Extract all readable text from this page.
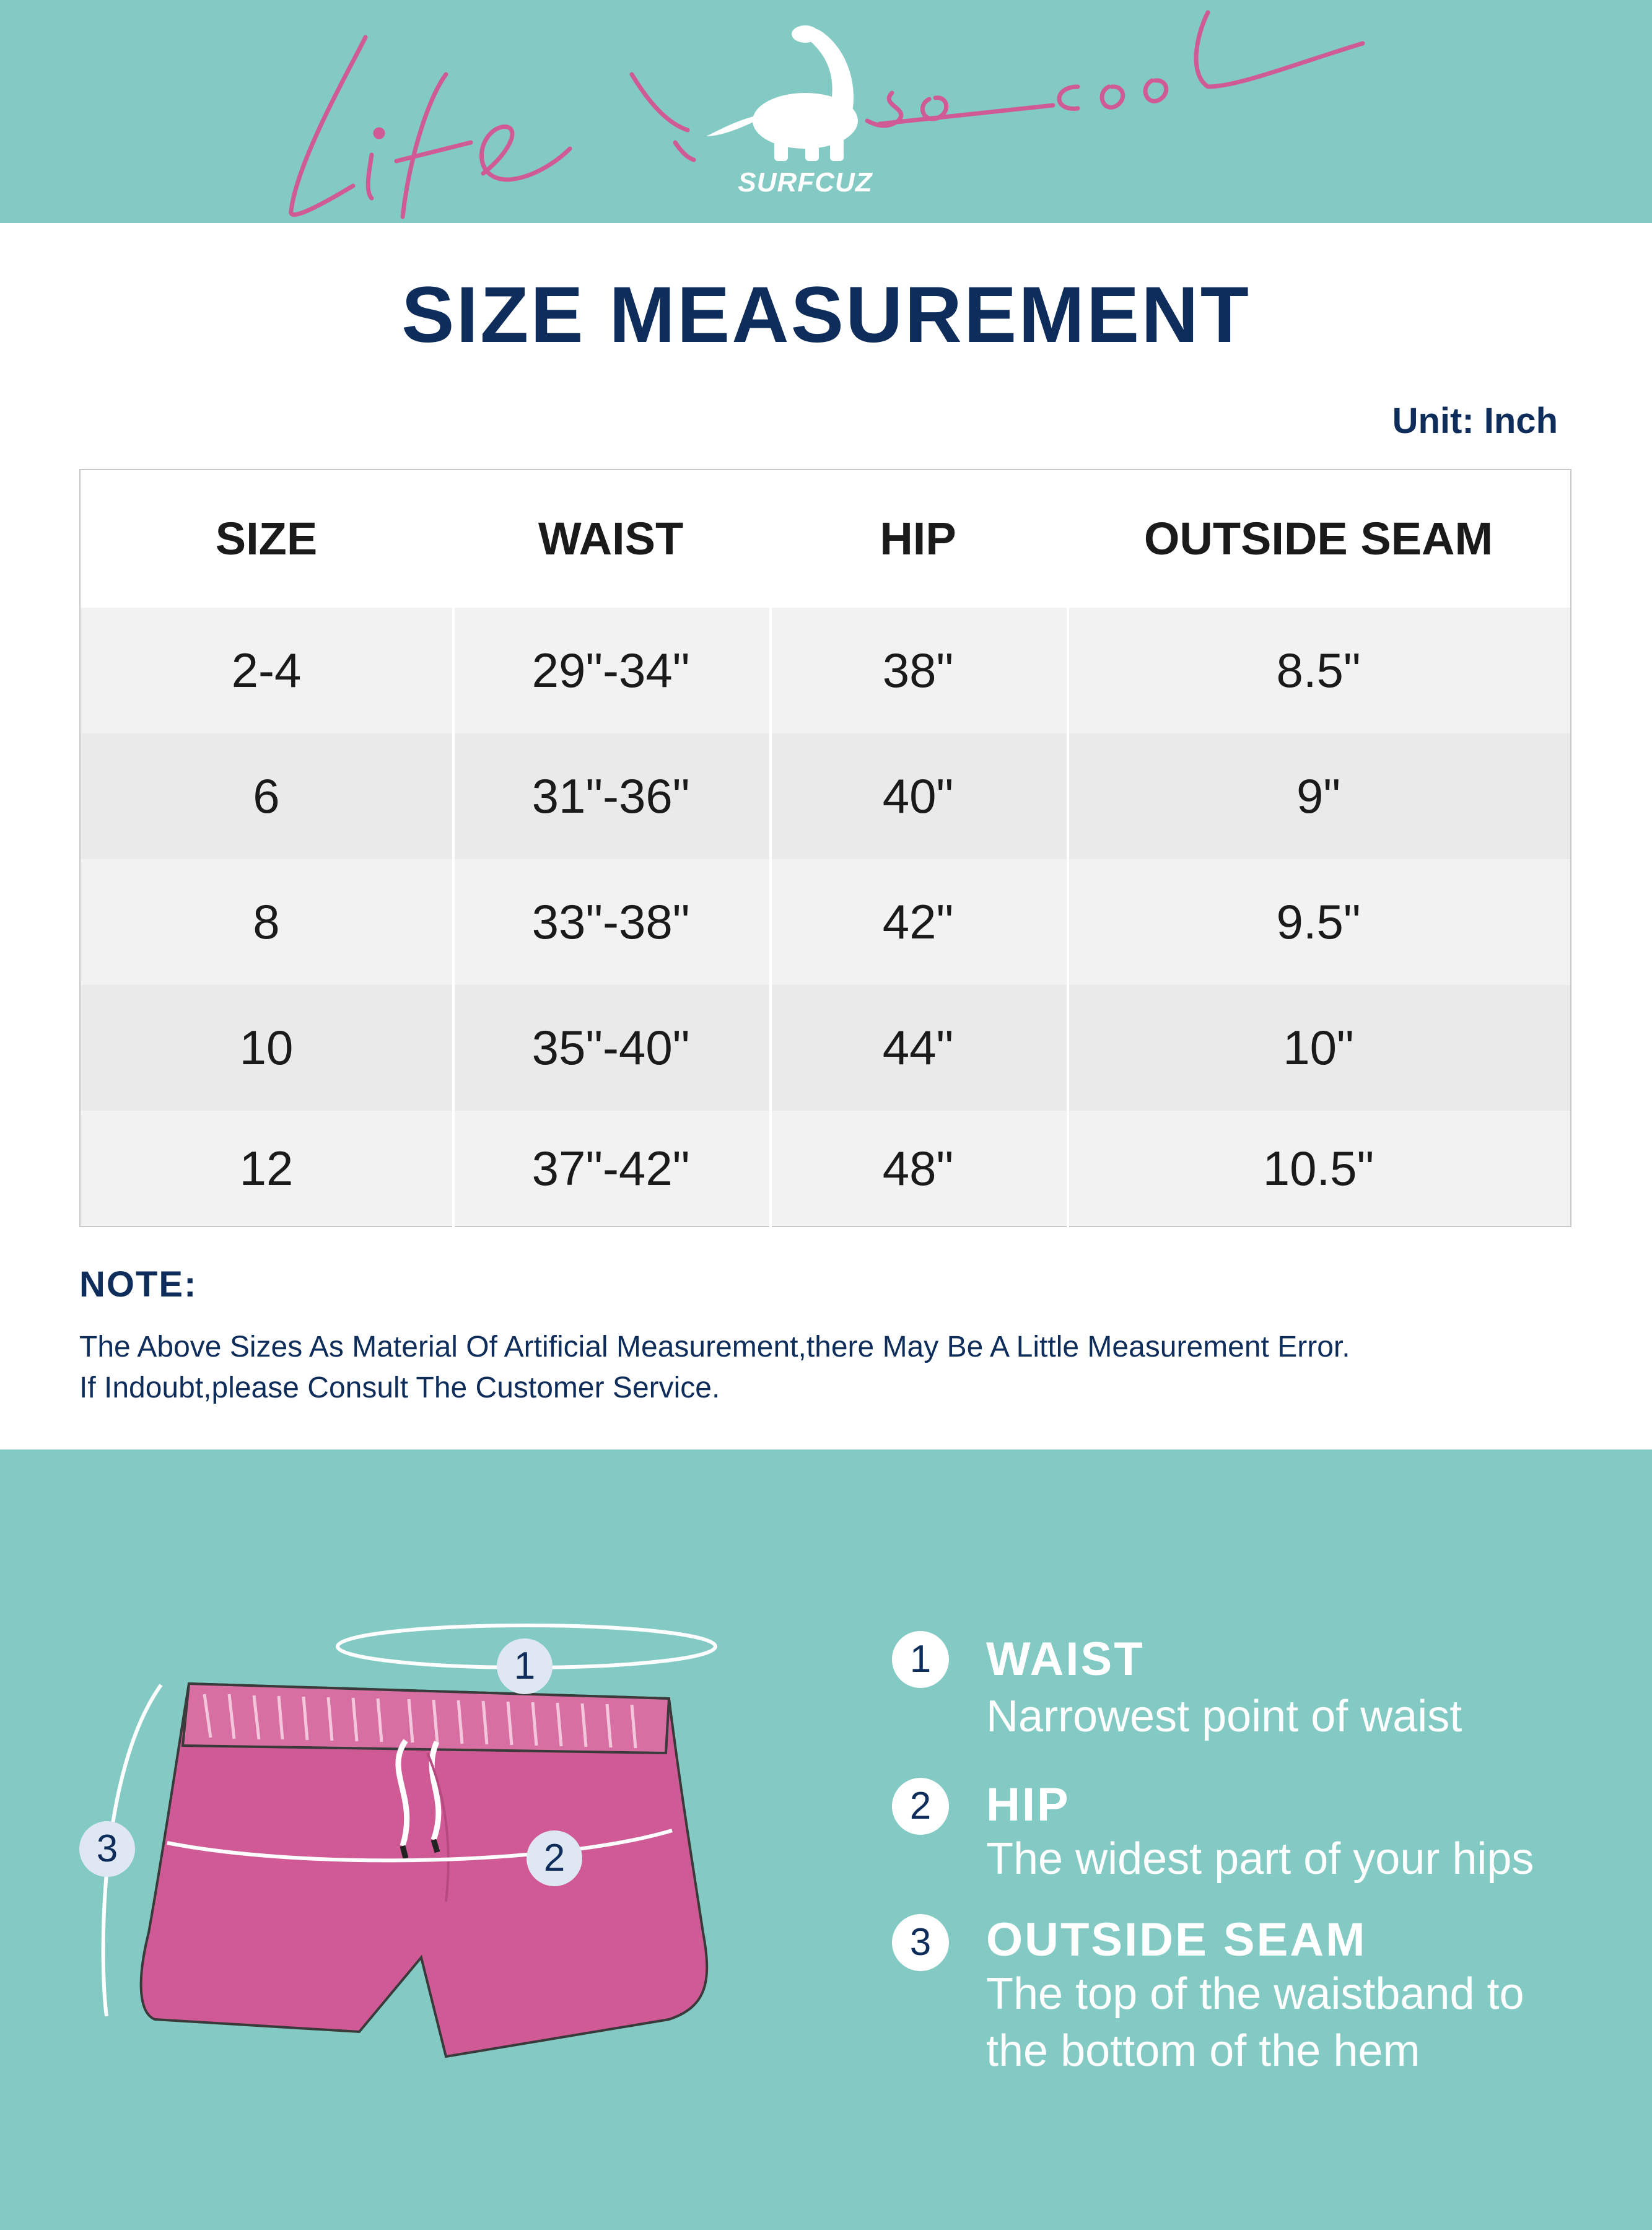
SURFCUZ
SIZE MEASUREMENT
Unit: Inch
SIZE	WAIST	HIP	OUTSIDE SEAM
2-4	29"-34"	38"	8.5"
6	31"-36"	40"	9"
8	33"-38"	42"	9.5"
10	35"-40"	44"	10"
12	37"-42"	48"	10.5"
NOTE:
The Above Sizes As Material Of Artificial Measurement,there May Be A Little Measurement Error.
If Indoubt,please Consult The Customer Service.
1
2
3
1	WAIST
Narrowest point of waist
2	HIP
The widest part of your hips
3	OUTSIDE SEAM
The top of the waistband to
the bottom of the hem
